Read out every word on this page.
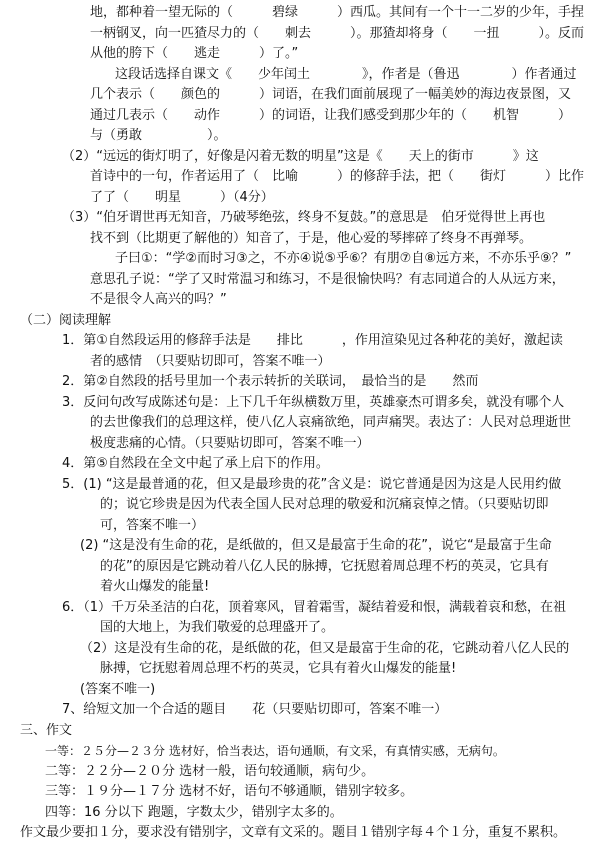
地，都种着一望无际的（　　　碧绿　　　）西瓜。其间有一个十一二岁的少年，手捏
一柄钢叉，向一匹猹尽力的（　　刺去　　　）。那猹却将身（　　一扭　　　）。反而
从他的胯下（　　逃走　　　）了。”
这段话选择自课文《　　少年闰土　　　　》，作者是（鲁迅　　　　）作者通过
几个表示（　　颜色的　　　）词语，在我们面前展现了一幅美妙的海边夜景图，又
通过几表示（　　动作　　　）的词语，让我们感受到那少年的（　　机智　　　）
与（勇敢　　　　　）。
（2）“远远的街灯明了，好像是闪着无数的明星”这是《　　天上的街市　　　》这
首诗中的一句，作者运用了（　比喻　　　）的修辞手法，把（　　街灯　　　）比作
了了（　　明星　　　）（4分）
（3）“伯牙谓世再无知音，乃破琴绝弦，终身不复鼓。”的意思是　伯牙觉得世上再也
找不到（比期更了解他的）知音了，于是，他心爱的琴摔碎了终身不再弹琴。
子曰①：“学②而时习③之，不亦④说⑤乎⑥？有朋⑦自⑧远方来，不亦乐乎⑨？”
意思孔子说：“学了又时常温习和练习，不是很愉快吗？有志同道合的人从远方来，
不是很令人高兴的吗？”
（二）阅读理解
1．第①自然段运用的修辞手法是　　排比　　　，作用渲染见过各种花的美好，激起读
者的感情　（只要贴切即可，答案不唯一）
2．第②自然段的括号里加一个表示转折的关联词，　最恰当的是　　然而
3．反问句改写成陈述句是：上下几千年纵横数万里，英雄豪杰可谓多矣，就没有哪个人
的去世像我们的总理这样，使八亿人哀痛欲绝，同声痛哭。表达了：人民对总理逝世
极度悲痛的心情。（只要贴切即可，答案不唯一）
4．第⑤自然段在全文中起了承上启下的作用。
5．(1) “这是最普通的花，但又是最珍贵的花”含义是：说它普通是因为这是人民用约做
的；说它珍贵是因为代表全国人民对总理的敬爱和沉痛哀悼之情。（只要贴切即
可，答案不唯一）
(2) “这是没有生命的花，是纸做的，但又是最富于生命的花”，说它“是最富于生命
的花”的原因是它跳动着八亿人民的脉搏，它抚慰着周总理不朽的英灵，它具有
着火山爆发的能量!
6．（1）千万朵圣洁的白花，顶着寒风，冒着霜雪，凝结着爱和恨，满载着哀和愁，在祖
国的大地上，为我们敬爱的总理盛开了。
（2）这是没有生命的花，是纸做的花，但又是最富于生命的花，它跳动着八亿人民的
脉搏，它抚慰着周总理不朽的英灵，它具有着火山爆发的能量!
(答案不唯一)
7、给短文加一个合适的题目　　花（只要贴切即可，答案不唯一）
三、作文
一等：２５分—２３分 选材好，恰当表达，语句通顺，有文采，有真情实感，无病句。
二等：２２分—２０分 选材一般，语句较通顺，病句少。
三等：１９分—１７分 选材不好，语句不够通顺，错别字较多。
四等：16 分以下 跑题，字数太少，错别字太多的。
作文最少要扣１分，要求没有错别字，文章有文采的。题目１错别字每４个１分，重复不累积。
